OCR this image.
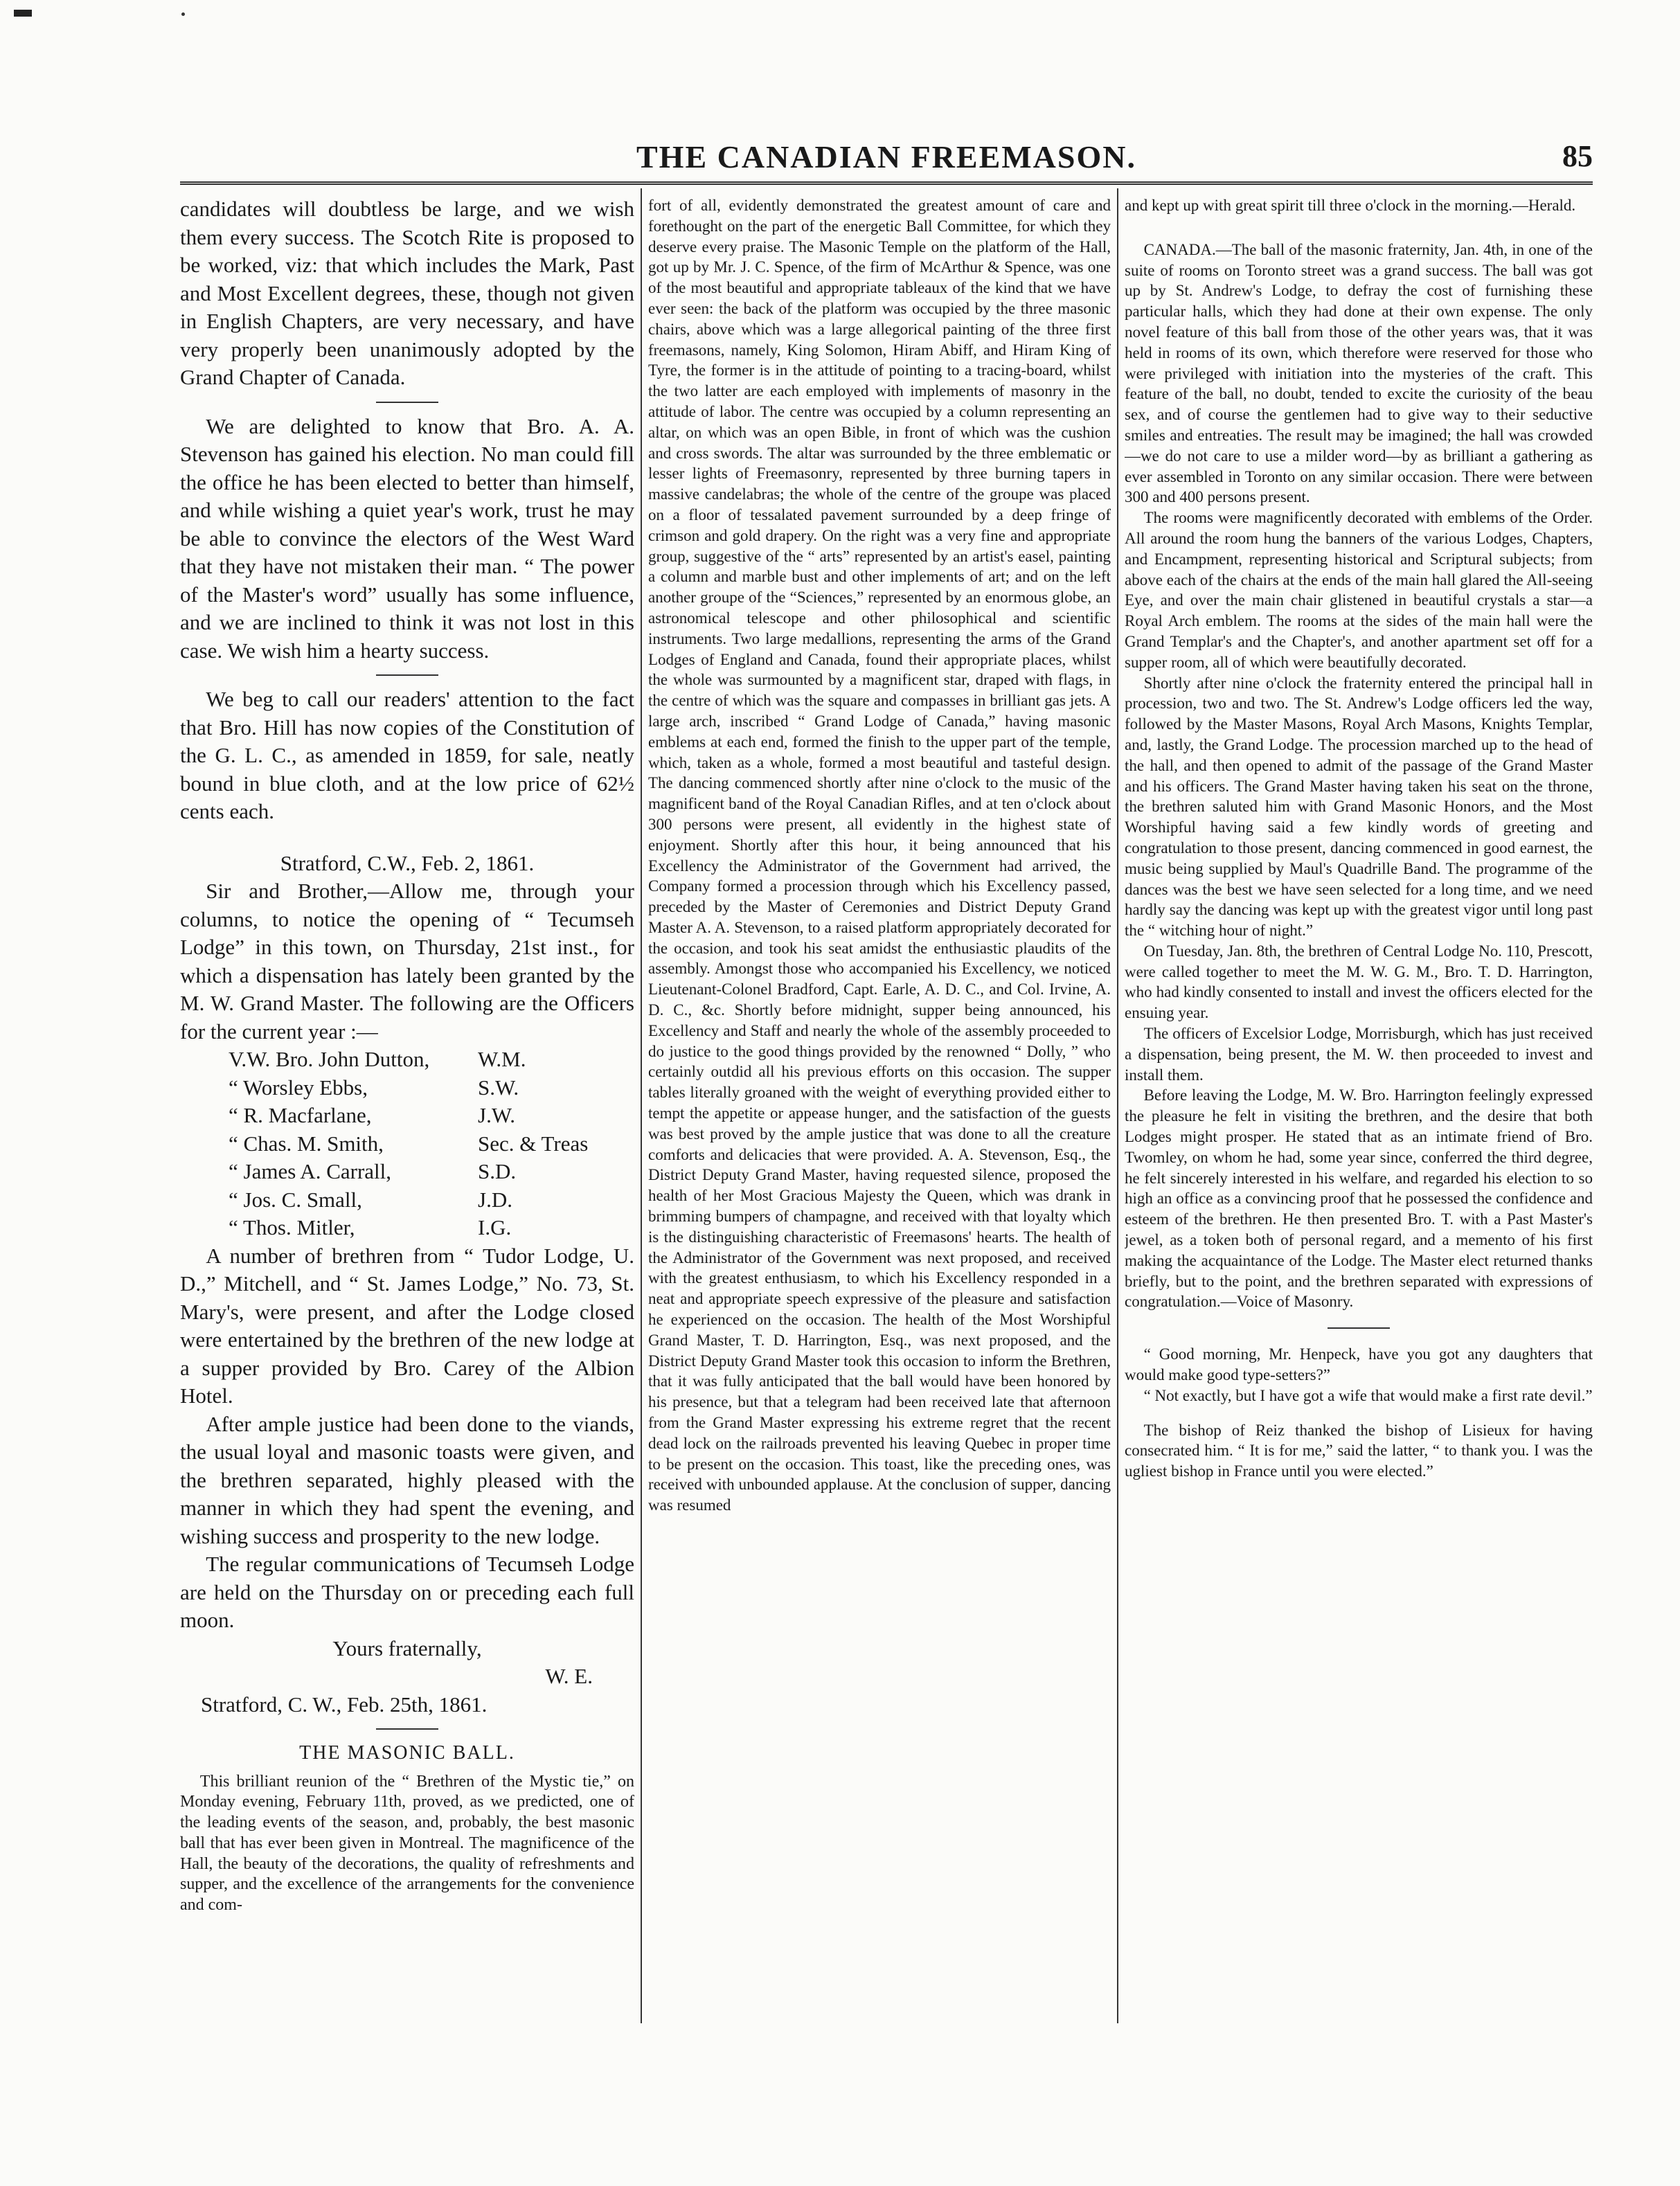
THE CANADIAN FREEMASON.	85

candidates will doubtless be large, and we wish them every success. The Scotch Rite is proposed to be worked, viz: that which includes the Mark, Past and Most Excellent degrees, these, though not given in English Chapters, are very necessary, and have very properly been unanimously adopted by the Grand Chapter of Canada.

We are delighted to know that Bro. A. A. Stevenson has gained his election. No man could fill the office he has been elected to better than himself, and while wishing a quiet year's work, trust he may be able to convince the electors of the West Ward that they have not mistaken their man. “ The power of the Master's word” usually has some influence, and we are inclined to think it was not lost in this case. We wish him a hearty success.

We beg to call our readers' attention to the fact that Bro. Hill has now copies of the Constitution of the G. L. C., as amended in 1859, for sale, neatly bound in blue cloth, and at the low price of 62½ cents each.

Stratford, C.W., Feb. 2, 1861.

Sir and Brother,—Allow me, through your columns, to notice the opening of “ Tecumseh Lodge” in this town, on Thursday, 21st inst., for which a dispensation has lately been granted by the M. W. Grand Master. The following are the Officers for the current year :—

V.W. Bro. John Dutton,	W.M.
“ Worsley Ebbs,	S.W.
“ R. Macfarlane,	J.W.
“ Chas. M. Smith,	Sec. & Treas
“ James A. Carrall,	S.D.
“ Jos. C. Small,	J.D.
“ Thos. Mitler,	I.G.

A number of brethren from “ Tudor Lodge, U. D.,” Mitchell, and “ St. James Lodge,” No. 73, St. Mary's, were present, and after the Lodge closed were entertained by the brethren of the new lodge at a supper provided by Bro. Carey of the Albion Hotel.

After ample justice had been done to the viands, the usual loyal and masonic toasts were given, and the brethren separated, highly pleased with the manner in which they had spent the evening, and wishing success and prosperity to the new lodge.

The regular communications of Tecumseh Lodge are held on the Thursday on or preceding each full moon.

Yours fraternally,
W. E.
Stratford, C. W., Feb. 25th, 1861.
THE MASONIC BALL.

This brilliant reunion of the “ Brethren of the Mystic tie,” on Monday evening, February 11th, proved, as we predicted, one of the leading events of the season, and, probably, the best masonic ball that has ever been given in Montreal. The magnificence of the Hall, the beauty of the decorations, the quality of refreshments and supper, and the excellence of the arrangements for the convenience and com-

fort of all, evidently demonstrated the greatest amount of care and forethought on the part of the energetic Ball Committee, for which they deserve every praise. The Masonic Temple on the platform of the Hall, got up by Mr. J. C. Spence, of the firm of McArthur & Spence, was one of the most beautiful and appropriate tableaux of the kind that we have ever seen: the back of the platform was occupied by the three masonic chairs, above which was a large allegorical painting of the three first freemasons, namely, King Solomon, Hiram Abiff, and Hiram King of Tyre, the former is in the attitude of pointing to a tracing-board, whilst the two latter are each employed with implements of masonry in the attitude of labor. The centre was occupied by a column representing an altar, on which was an open Bible, in front of which was the cushion and cross swords. The altar was surrounded by the three emblematic or lesser lights of Freemasonry, represented by three burning tapers in massive candelabras; the whole of the centre of the groupe was placed on a floor of tessalated pavement surrounded by a deep fringe of crimson and gold drapery. On the right was a very fine and appropriate group, suggestive of the “ arts” represented by an artist's easel, painting a column and marble bust and other implements of art; and on the left another groupe of the “Sciences,” represented by an enormous globe, an astronomical telescope and other philosophical and scientific instruments. Two large medallions, representing the arms of the Grand Lodges of England and Canada, found their appropriate places, whilst the whole was surmounted by a magnificent star, draped with flags, in the centre of which was the square and compasses in brilliant gas jets. A large arch, inscribed “ Grand Lodge of Canada,” having masonic emblems at each end, formed the finish to the upper part of the temple, which, taken as a whole, formed a most beautiful and tasteful design. The dancing commenced shortly after nine o'clock to the music of the magnificent band of the Royal Canadian Rifles, and at ten o'clock about 300 persons were present, all evidently in the highest state of enjoyment. Shortly after this hour, it being announced that his Excellency the Administrator of the Government had arrived, the Company formed a procession through which his Excellency passed, preceded by the Master of Ceremonies and District Deputy Grand Master A. A. Stevenson, to a raised platform appropriately decorated for the occasion, and took his seat amidst the enthusiastic plaudits of the assembly. Amongst those who accompanied his Excellency, we noticed Lieutenant-Colonel Bradford, Capt. Earle, A. D. C., and Col. Irvine, A. D. C., &c. Shortly before midnight, supper being announced, his Excellency and Staff and nearly the whole of the assembly proceeded to do justice to the good things provided by the renowned “ Dolly, ” who certainly outdid all his previous efforts on this occasion. The supper tables literally groaned with the weight of everything provided either to tempt the appetite or appease hunger, and the satisfaction of the guests was best proved by the ample justice that was done to all the creature comforts and delicacies that were provided. A. A. Stevenson, Esq., the District Deputy Grand Master, having requested silence, proposed the health of her Most Gracious Majesty the Queen, which was drank in brimming bumpers of champagne, and received with that loyalty which is the distinguishing characteristic of Freemasons' hearts. The health of the Administrator of the Government was next proposed, and received with the greatest enthusiasm, to which his Excellency responded in a neat and appropriate speech expressive of the pleasure and satisfaction he experienced on the occasion. The health of the Most Worshipful Grand Master, T. D. Harrington, Esq., was next proposed, and the District Deputy Grand Master took this occasion to inform the Brethren, that it was fully anticipated that the ball would have been honored by his presence, but that a telegram had been received late that afternoon from the Grand Master expressing his extreme regret that the recent dead lock on the railroads prevented his leaving Quebec in proper time to be present on the occasion. This toast, like the preceding ones, was received with unbounded applause. At the conclusion of supper, dancing was resumed

and kept up with great spirit till three o'clock in the morning.—Herald.

CANADA.—The ball of the masonic fraternity, Jan. 4th, in one of the suite of rooms on Toronto street was a grand success. The ball was got up by St. Andrew's Lodge, to defray the cost of furnishing these particular halls, which they had done at their own expense. The only novel feature of this ball from those of the other years was, that it was held in rooms of its own, which therefore were reserved for those who were privileged with initiation into the mysteries of the craft. This feature of the ball, no doubt, tended to excite the curiosity of the beau sex, and of course the gentlemen had to give way to their seductive smiles and entreaties. The result may be imagined; the hall was crowded—we do not care to use a milder word—by as brilliant a gathering as ever assembled in Toronto on any similar occasion. There were between 300 and 400 persons present.

The rooms were magnificently decorated with emblems of the Order. All around the room hung the banners of the various Lodges, Chapters, and Encampment, representing historical and Scriptural subjects; from above each of the chairs at the ends of the main hall glared the All-seeing Eye, and over the main chair glistened in beautiful crystals a star—a Royal Arch emblem. The rooms at the sides of the main hall were the Grand Templar's and the Chapter's, and another apartment set off for a supper room, all of which were beautifully decorated.

Shortly after nine o'clock the fraternity entered the principal hall in procession, two and two. The St. Andrew's Lodge officers led the way, followed by the Master Masons, Royal Arch Masons, Knights Templar, and, lastly, the Grand Lodge. The procession marched up to the head of the hall, and then opened to admit of the passage of the Grand Master and his officers. The Grand Master having taken his seat on the throne, the brethren saluted him with Grand Masonic Honors, and the Most Worshipful having said a few kindly words of greeting and congratulation to those present, dancing commenced in good earnest, the music being supplied by Maul's Quadrille Band. The programme of the dances was the best we have seen selected for a long time, and we need hardly say the dancing was kept up with the greatest vigor until long past the “ witching hour of night.”

On Tuesday, Jan. 8th, the brethren of Central Lodge No. 110, Prescott, were called together to meet the M. W. G. M., Bro. T. D. Harrington, who had kindly consented to install and invest the officers elected for the ensuing year.

The officers of Excelsior Lodge, Morrisburgh, which has just received a dispensation, being present, the M. W. then proceeded to invest and install them.

Before leaving the Lodge, M. W. Bro. Harrington feelingly expressed the pleasure he felt in visiting the brethren, and the desire that both Lodges might prosper. He stated that as an intimate friend of Bro. Twomley, on whom he had, some year since, conferred the third degree, he felt sincerely interested in his welfare, and regarded his election to so high an office as a convincing proof that he possessed the confidence and esteem of the brethren. He then presented Bro. T. with a Past Master's jewel, as a token both of personal regard, and a memento of his first making the acquaintance of the Lodge. The Master elect returned thanks briefly, but to the point, and the brethren separated with expressions of congratulation.—Voice of Masonry.

“ Good morning, Mr. Henpeck, have you got any daughters that would make good type-setters?”

“ Not exactly, but I have got a wife that would make a first rate devil.”

The bishop of Reiz thanked the bishop of Lisieux for having consecrated him. “ It is for me,” said the latter, “ to thank you. I was the ugliest bishop in France until you were elected.”
